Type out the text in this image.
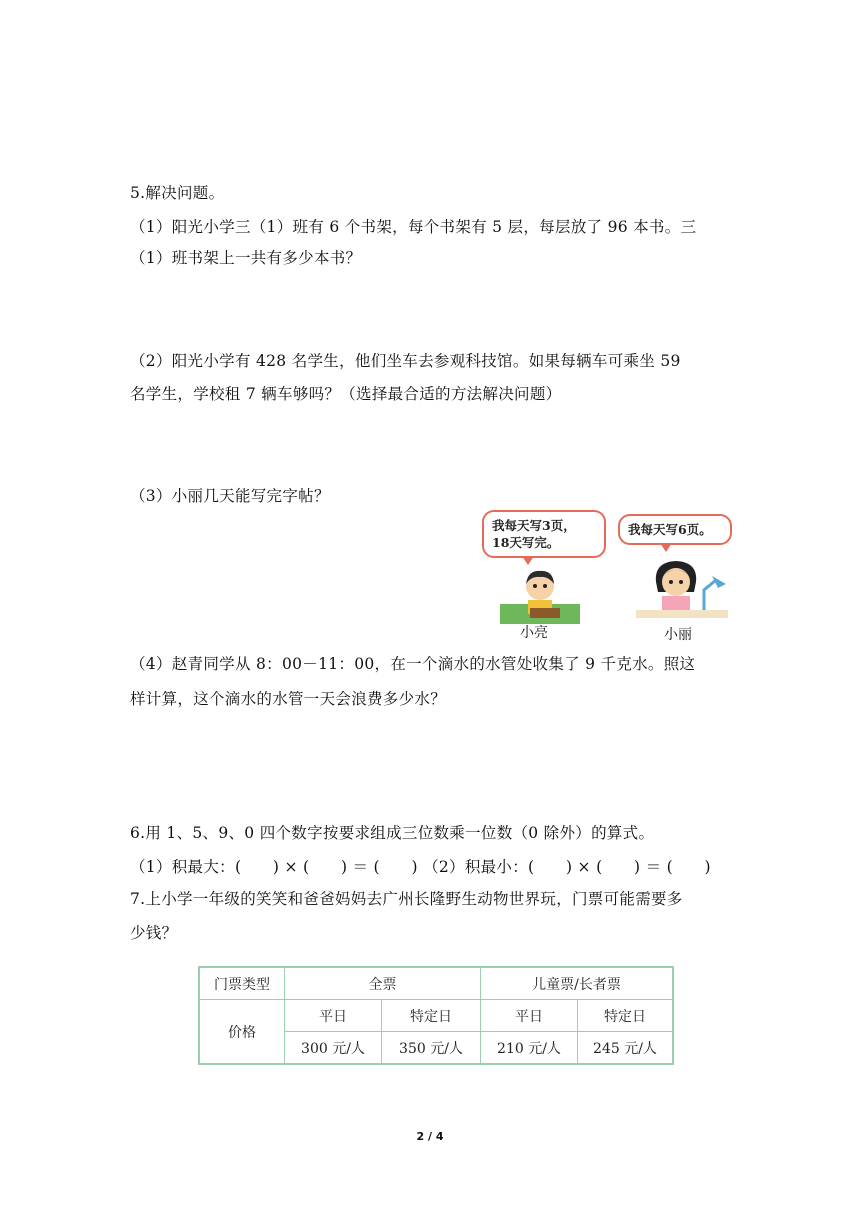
5.解决问题。
（1）阳光小学三（1）班有 6 个书架，每个书架有 5 层，每层放了 96 本书。三
（1）班书架上一共有多少本书？
（2）阳光小学有 428 名学生，他们坐车去参观科技馆。如果每辆车可乘坐 59
名学生，学校租 7 辆车够吗？（选择最合适的方法解决问题）
（3）小丽几天能写完字帖？
我每天写3页，
18天写完。
小亮
我每天写6页。
小丽
（4）赵青同学从 8：00－11：00，在一个滴水的水管处收集了 9 千克水。照这
样计算，这个滴水的水管一天会浪费多少水？
6.用 1、5、9、0 四个数字按要求组成三位数乘一位数（0 除外）的算式。
（1）积最大：(　　) × (　　) ＝ (　　) （2）积最小：(　　) × (　　) ＝ (　　)
7.上小学一年级的笑笑和爸爸妈妈去广州长隆野生动物世界玩，门票可能需要多
少钱？
门票类型	全票		儿童票/长者票	
价格	平日	特定日	平日	特定日
	300 元/人	350 元/人	210 元/人	245 元/人
2 / 4
